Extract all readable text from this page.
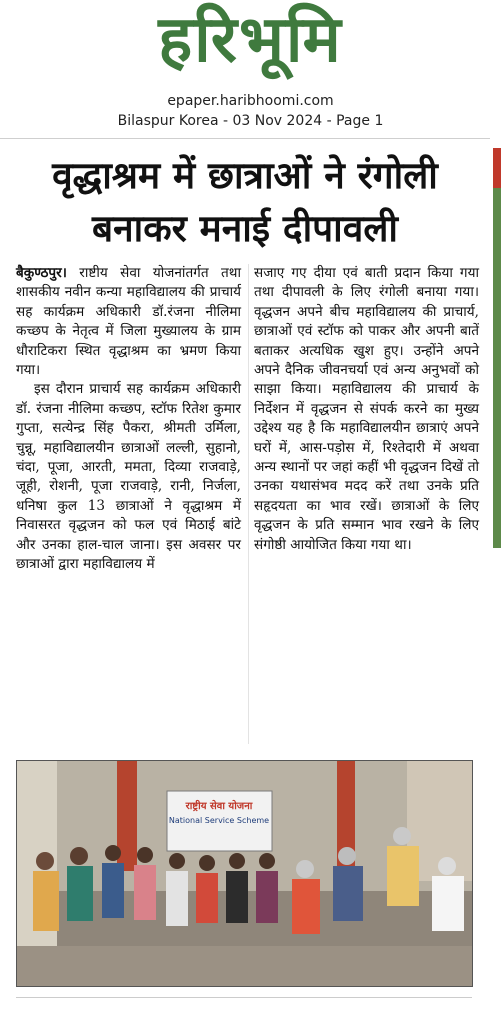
हरिभूमि
epaper.haribhoomi.com
Bilaspur Korea - 03 Nov 2024 - Page 1
वृद्धाश्रम में छात्राओं ने रंगोली
बनाकर मनाई दीपावली

बैकुण्ठपुर। राष्टीय सेवा योजनांतर्गत तथा शासकीय नवीन कन्या महाविद्यालय की प्राचार्य सह कार्यक्रम अधिकारी डॉ.रंजना नीलिमा कच्छप के नेतृत्व में जिला मुख्यालय के ग्राम धौराटिकरा स्थित वृद्धाश्रम का भ्रमण किया गया।

इस दौरान प्राचार्य सह कार्यक्रम अधिकारी डॉ. रंजना नीलिमा कच्छप, स्टॉफ रितेश कुमार गुप्ता, सत्येन्द्र सिंह पैकरा, श्रीमती उर्मिला, चुन्नू, महाविद्यालयीन छात्राओं लल्ली, सुहानो, चंदा, पूजा, आरती, ममता, दिव्या राजवाड़े, जूही, रोशनी, पूजा राजवाड़े, रानी, निर्जला, धनिषा कुल 13 छात्राओं ने वृद्धाश्रम में निवासरत वृद्धजन को फल एवं मिठाई बांटे और उनका हाल-चाल जाना। इस अवसर पर छात्राओं द्वारा महाविद्यालय में

सजाए गए दीया एवं बाती प्रदान किया गया तथा दीपावली के लिए रंगोली बनाया गया। वृद्धजन अपने बीच महाविद्यालय की प्राचार्य, छात्राओं एवं स्टॉफ को पाकर और अपनी बातें बताकर अत्यधिक खुश हुए। उन्होंने अपने अपने दैनिक जीवनचर्या एवं अन्य अनुभवों को साझा किया। महाविद्यालय की प्राचार्य के निर्देशन में वृद्धजन से संपर्क करने का मुख्य उद्देश्य यह है कि महाविद्यालयीन छात्राएं अपने घरों में, आस-पड़ोस में, रिश्तेदारी में अथवा अन्य स्थानों पर जहां कहीं भी वृद्धजन दिखें तो उनका यथासंभव मदद करें तथा उनके प्रति सहृदयता का भाव रखें। छात्राओं के लिए वृद्धजन के प्रति सम्मान भाव रखने के लिए संगोष्ठी आयोजित किया गया था।

राष्ट्रीय सेवा योजना
National Service Scheme
